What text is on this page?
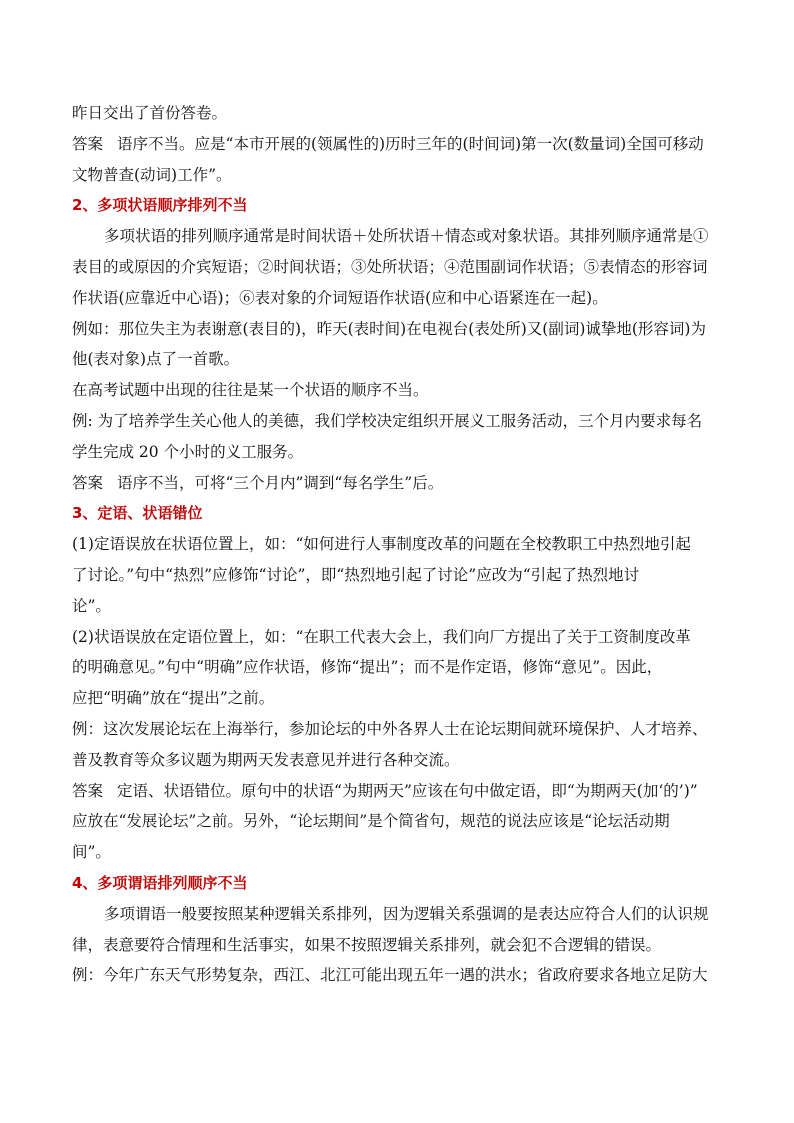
昨日交出了首份答卷。
答案 语序不当。应是“本市开展的(领属性的)历时三年的(时间词)第一次(数量词)全国可移动
文物普查(动词)工作”。
2、多项状语顺序排列不当
多项状语的排列顺序通常是时间状语＋处所状语＋情态或对象状语。其排列顺序通常是①
表目的或原因的介宾短语；②时间状语；③处所状语；④范围副词作状语；⑤表情态的形容词
作状语(应靠近中心语)；⑥表对象的介词短语作状语(应和中心语紧连在一起)。
例如：那位失主为表谢意(表目的)，昨天(表时间)在电视台(表处所)又(副词)诚挚地(形容词)为
他(表对象)点了一首歌。
在高考试题中出现的往往是某一个状语的顺序不当。
例: 为了培养学生关心他人的美德，我们学校决定组织开展义工服务活动，三个月内要求每名
学生完成 20 个小时的义工服务。
答案 语序不当，可将“三个月内”调到“每名学生”后。
3、定语、状语错位
(1)定语误放在状语位置上，如：“如何进行人事制度改革的问题在全校教职工中热烈地引起
了讨论。”句中“热烈”应修饰“讨论”，即“热烈地引起了讨论”应改为“引起了热烈地讨
论”。
(2)状语误放在定语位置上，如：“在职工代表大会上，我们向厂方提出了关于工资制度改革
的明确意见。”句中“明确”应作状语，修饰“提出”；而不是作定语，修饰“意见”。因此，
应把“明确”放在“提出”之前。
例：这次发展论坛在上海举行，参加论坛的中外各界人士在论坛期间就环境保护、人才培养、
普及教育等众多议题为期两天发表意见并进行各种交流。
答案 定语、状语错位。原句中的状语“为期两天”应该在句中做定语，即“为期两天(加‘的’)”
应放在“发展论坛”之前。另外，“论坛期间”是个简省句，规范的说法应该是“论坛活动期
间”。
4、多项谓语排列顺序不当
多项谓语一般要按照某种逻辑关系排列，因为逻辑关系强调的是表达应符合人们的认识规
律，表意要符合情理和生活事实，如果不按照逻辑关系排列，就会犯不合逻辑的错误。
例：今年广东天气形势复杂，西江、北江可能出现五年一遇的洪水；省政府要求各地立足防大
